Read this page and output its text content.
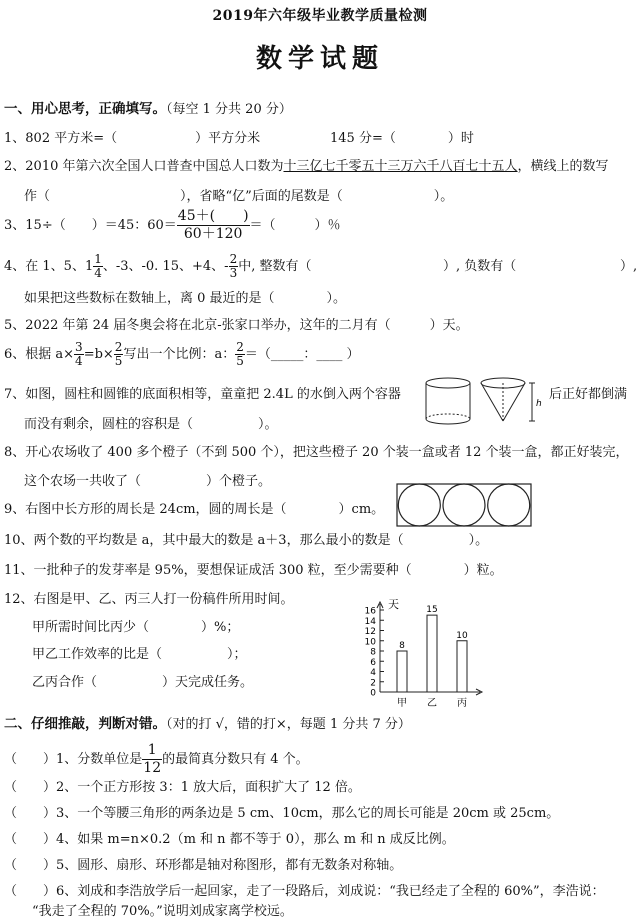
2019年六年级毕业教学质量检测
数学试题
一、用心思考，正确填写。（每空 1 分共 20 分）
1、802 平方米=（　　　　　　）平方分米	145 分=（　　　　）时
2、2010 年第六次全国人口普查中国总人口数为十三亿七千零五十三万六千八百七十五人，横线上的数写
作（　　　　　　　　　　），省略“亿”后面的尾数是（　　　　　　　）。
3、15÷（　　）＝45：$60= \frac{45+( )}{60+120}$ ＝（　　　）％
4、在 1、5、$1 \frac{1}{4}$ 、-3、-0. 15、+4、- $\frac{2}{3}$ 中, 整数有（	）, 负数有（	）,
如果把这些数标在数轴上，离 0 最近的是（　　　　）。
5、2022 年第 24 届冬奥会将在北京-张家口举办，这年的二月有（　　　）天。
6、根据 $a\times \frac{3}{4} =b\times \frac{2}{5}$ 写出一个比例：a： $\frac{2}{5}$ ＝（_____：____ ）
7、如图，圆柱和圆锥的底面积相等，童童把 2.4L 的水倒入两个容器
h
后正好都倒满
而没有剩余，圆柱的容积是（　　　　　）。
8、开心农场收了 400 多个橙子（不到 500 个），把这些橙子 20 个装一盒或者 12 个装一盒，都正好装完，
这个农场一共收了（　　　　　）个橙子。
9、右图中长方形的周长是 24cm，圆的周长是（　　　　）cm。
10、两个数的平均数是 a，其中最大的数是 a＋3，那么最小的数是（　　　　　）。
11、一批种子的发芽率是 95%，要想保证成活 300 粒，至少需要种（　　　　）粒。
12、右图是甲、乙、丙三人打一份稿件所用时间。
甲所需时间比丙少（　　　　）%；
甲乙工作效率的比是（　　　　　）；
乙丙合作（　　　　　）天完成任务。
天
0
2
4
6
8
10
12
14
16
8
甲
15
乙
10
丙
二、仔细推敲，判断对错。（对的打 √，错的打×，每题 1 分共 7 分）
（　　）1、分数单位是 $\frac{1}{12}$ 的最简真分数只有 4 个。
（　　）2、一个正方形按 3：1 放大后，面积扩大了 12 倍。
（　　）3、一个等腰三角形的两条边是 5 cm、10cm，那么它的周长可能是 20cm 或 25cm。
（　　）4、如果 m=n×0.2（m 和 n 都不等于 0），那么 m 和 n 成反比例。
（　　）5、圆形、扇形、环形都是轴对称图形，都有无数条对称轴。
（　　）6、刘成和李浩放学后一起回家，走了一段路后，刘成说：“我已经走了全程的 60%”，李浩说：
“我走了全程的 70%。”说明刘成家离学校远。
